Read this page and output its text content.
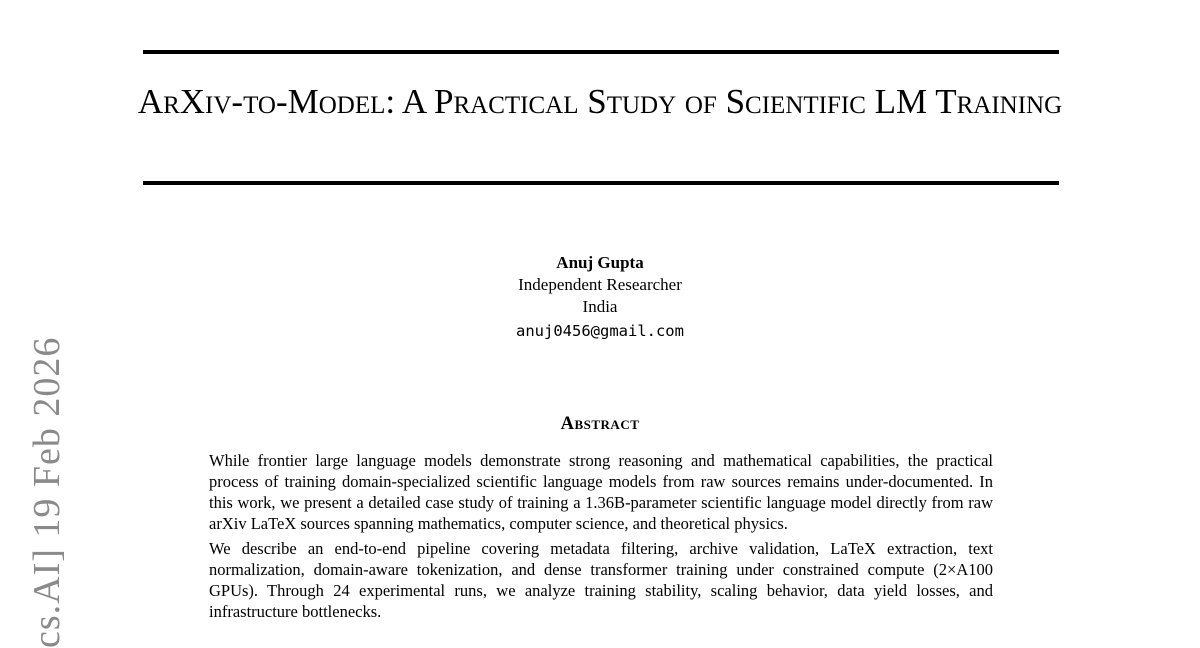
cs.AI] 19 Feb 2026
ArXiv-to-Model: A Practical Study of Scientific LM Training
Anuj Gupta
Independent Researcher
India
anuj0456@gmail.com
Abstract

While frontier large language models demonstrate strong reasoning and mathematical capabilities, the practical process of training domain-specialized scientific language models from raw sources remains under-documented. In this work, we present a detailed case study of training a 1.36B-parameter scientific language model directly from raw arXiv LaTeX sources spanning mathematics, computer science, and theoretical physics.

We describe an end-to-end pipeline covering metadata filtering, archive validation, LaTeX extraction, text normalization, domain-aware tokenization, and dense transformer training under constrained compute (2×A100 GPUs). Through 24 experimental runs, we analyze training stability, scaling behavior, data yield losses, and infrastructure bottlenecks.
